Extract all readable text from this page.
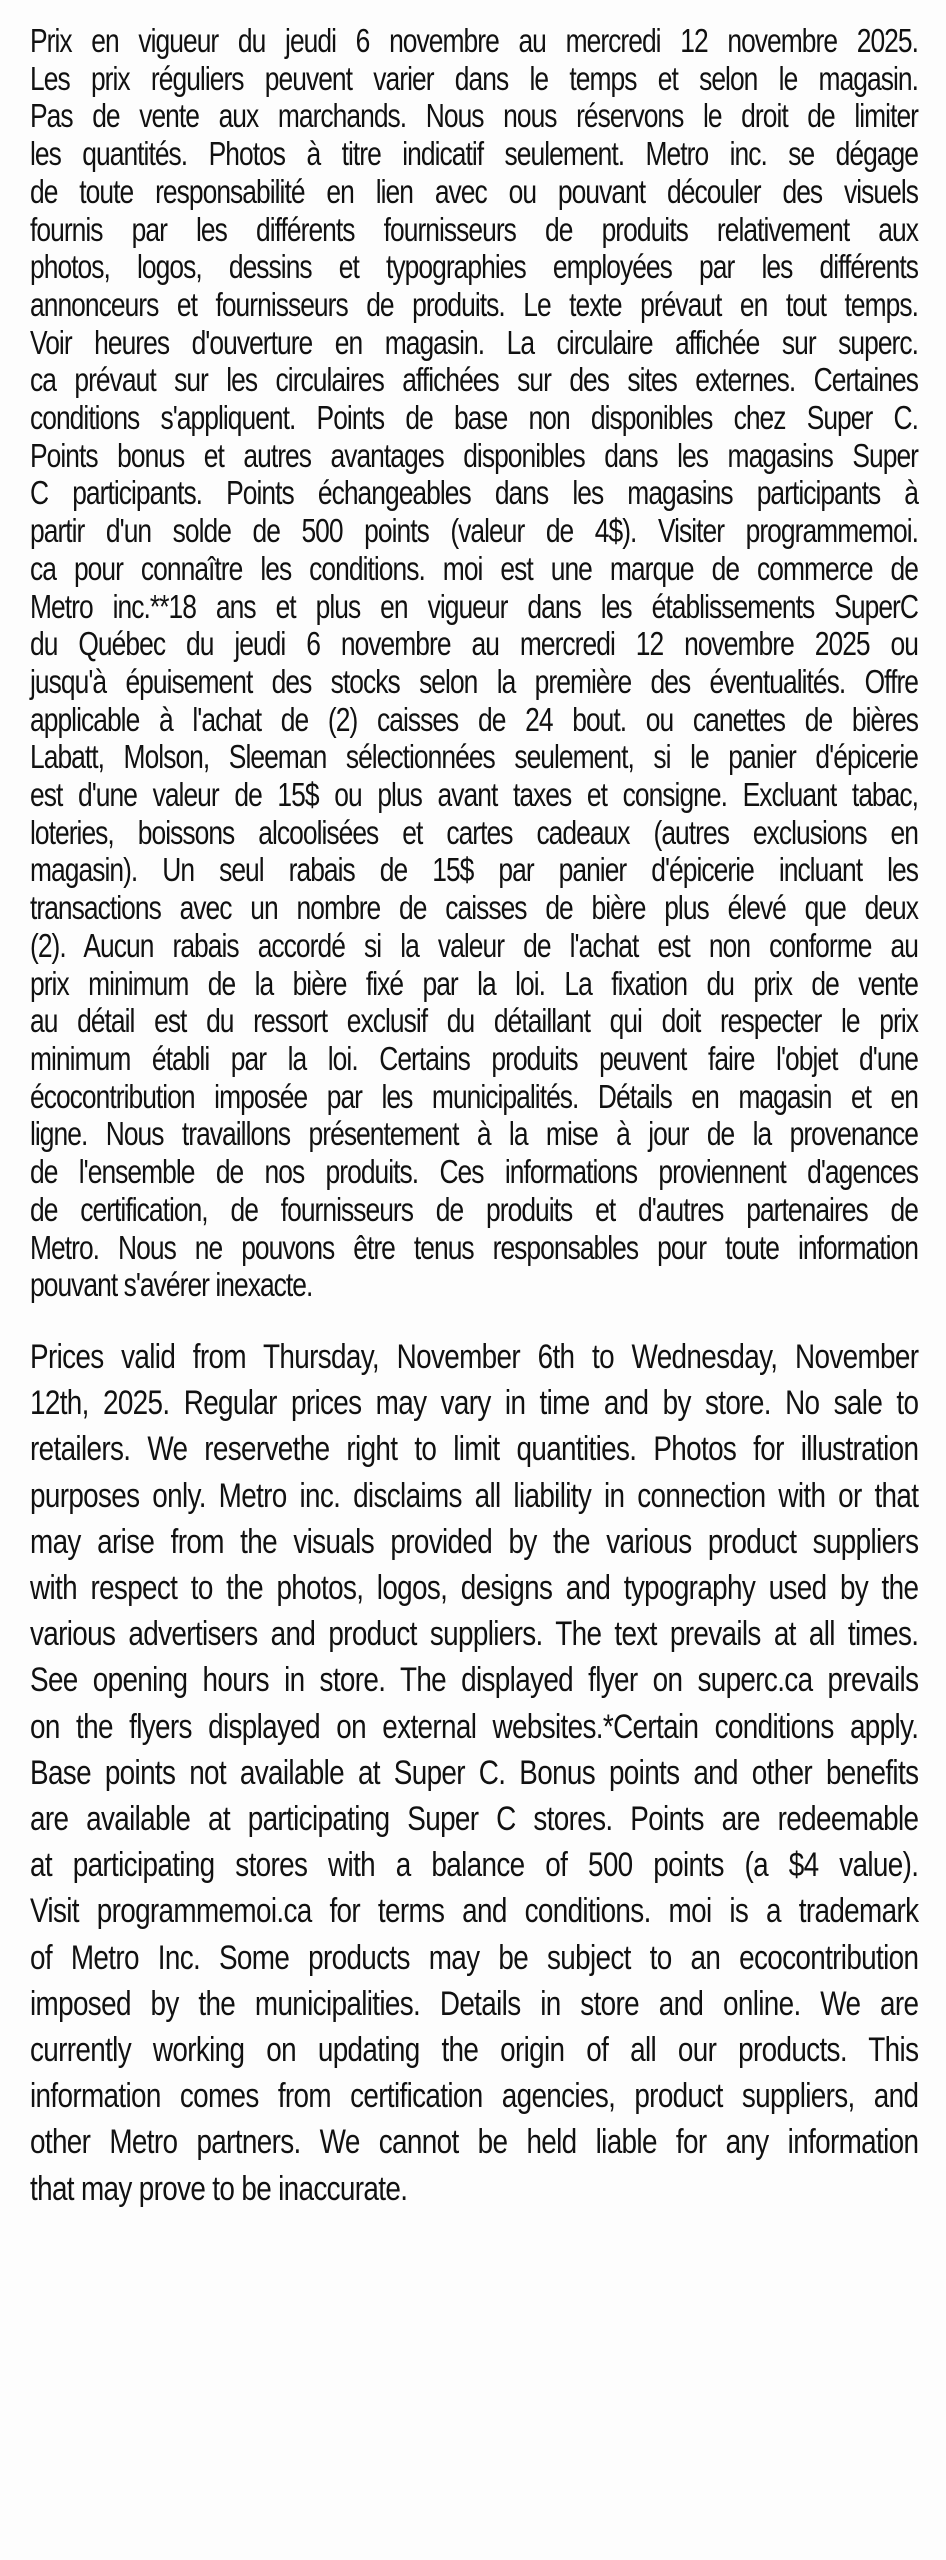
Prix en vigueur du jeudi 6 novembre au mercredi 12 novembre 2025.
Les prix réguliers peuvent varier dans le temps et selon le magasin.
Pas de vente aux marchands. Nous nous réservons le droit de limiter
les quantités. Photos à titre indicatif seulement. Metro inc. se dégage
de toute responsabilité en lien avec ou pouvant découler des visuels
fournis par les différents fournisseurs de produits relativement aux
photos, logos, dessins et typographies employées par les différents
annonceurs et fournisseurs de produits. Le texte prévaut en tout temps.
Voir heures d'ouverture en magasin. La circulaire affichée sur superc.
ca prévaut sur les circulaires affichées sur des sites externes. Certaines
conditions s'appliquent. Points de base non disponibles chez Super C.
Points bonus et autres avantages disponibles dans les magasins Super
C participants. Points échangeables dans les magasins participants à
partir d'un solde de 500 points (valeur de 4$). Visiter programmemoi.
ca pour connaître les conditions. moi est une marque de commerce de
Metro inc.**18 ans et plus en vigueur dans les établissements SuperC
du Québec du jeudi 6 novembre au mercredi 12 novembre 2025 ou
jusqu'à épuisement des stocks selon la première des éventualités. Offre
applicable à l'achat de (2) caisses de 24 bout. ou canettes de bières
Labatt, Molson, Sleeman sélectionnées seulement, si le panier d'épicerie
est d'une valeur de 15$ ou plus avant taxes et consigne. Excluant tabac,
loteries, boissons alcoolisées et cartes cadeaux (autres exclusions en
magasin). Un seul rabais de 15$ par panier d'épicerie incluant les
transactions avec un nombre de caisses de bière plus élevé que deux
(2). Aucun rabais accordé si la valeur de l'achat est non conforme au
prix minimum de la bière fixé par la loi. La fixation du prix de vente
au détail est du ressort exclusif du détaillant qui doit respecter le prix
minimum établi par la loi. Certains produits peuvent faire l'objet d'une
écocontribution imposée par les municipalités. Détails en magasin et en
ligne. Nous travaillons présentement à la mise à jour de la provenance
de l'ensemble de nos produits. Ces informations proviennent d'agences
de certification, de fournisseurs de produits et d'autres partenaires de
Metro. Nous ne pouvons être tenus responsables pour toute information
pouvant s'avérer inexacte.
Prices valid from Thursday, November 6th to Wednesday, November
12th, 2025. Regular prices may vary in time and by store. No sale to
retailers. We reservethe right to limit quantities. Photos for illustration
purposes only. Metro inc. disclaims all liability in connection with or that
may arise from the visuals provided by the various product suppliers
with respect to the photos, logos, designs and typography used by the
various advertisers and product suppliers. The text prevails at all times.
See opening hours in store. The displayed flyer on superc.ca prevails
on the flyers displayed on external websites.*Certain conditions apply.
Base points not available at Super C. Bonus points and other benefits
are available at participating Super C stores. Points are redeemable
at participating stores with a balance of 500 points (a $4 value).
Visit programmemoi.ca for terms and conditions. moi is a trademark
of Metro Inc. Some products may be subject to an ecocontribution
imposed by the municipalities. Details in store and online. We are
currently working on updating the origin of all our products. This
information comes from certification agencies, product suppliers, and
other Metro partners. We cannot be held liable for any information
that may prove to be inaccurate.
